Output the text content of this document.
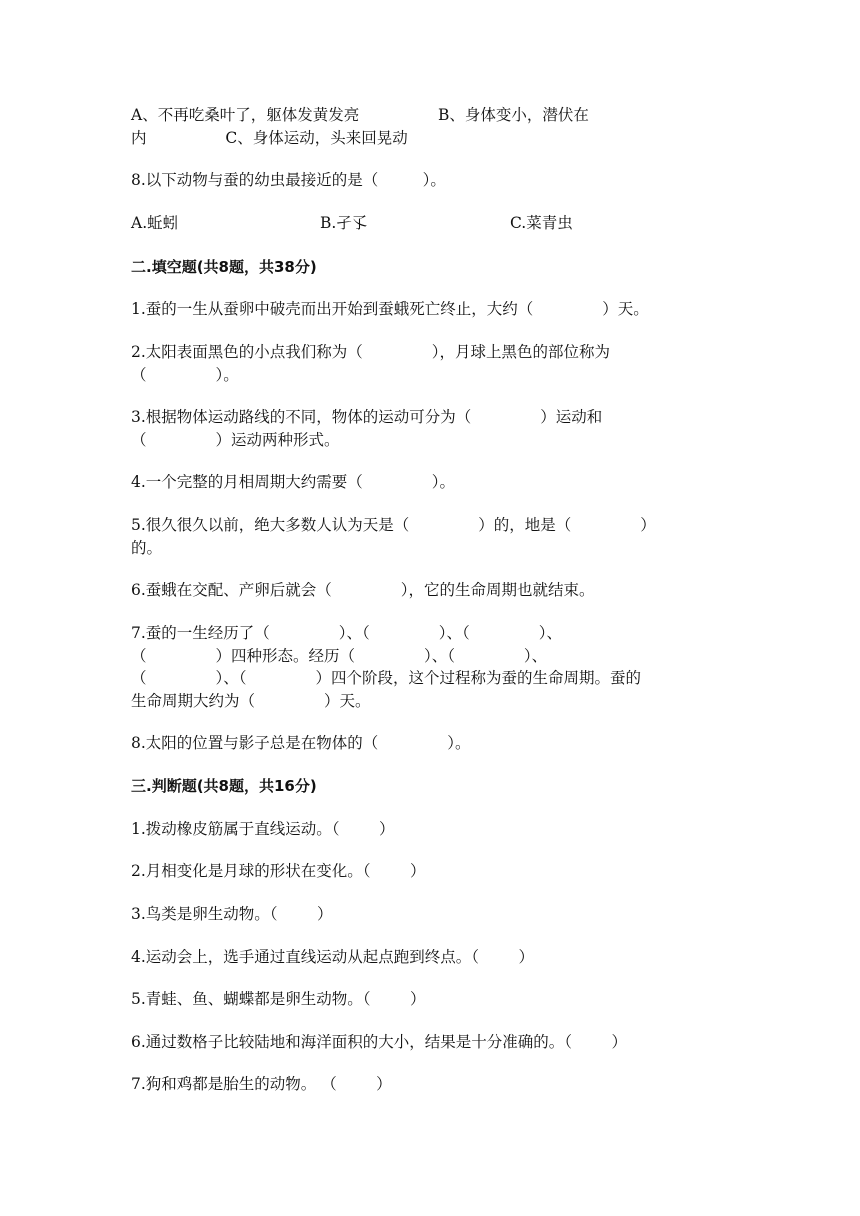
A、不再吃桑叶了，躯体发黄发亮                B、身体变小，潜伏在
内                C、身体运动，头来回晃动
8.以下动物与蚕的幼虫最接近的是（         ）。
A.蚯蚓	B.孑孓	C.菜青虫
二.填空题(共8题，共38分)
1.蚕的一生从蚕卵中破壳而出开始到蚕蛾死亡终止，大约（              ）天。
2.太阳表面黑色的小点我们称为（              ），月球上黑色的部位称为
（              ）。
3.根据物体运动路线的不同，物体的运动可分为（              ）运动和
（              ）运动两种形式。
4.一个完整的月相周期大约需要（              ）。
5.很久很久以前，绝大多数人认为天是（              ）的，地是（              ）
的。
6.蚕蛾在交配、产卵后就会（              ），它的生命周期也就结束。
7.蚕的一生经历了（              ）、（              ）、（              ）、
（              ）四种形态。经历（              ）、（              ）、
（              ）、（              ）四个阶段，这个过程称为蚕的生命周期。蚕的
生命周期大约为（              ）天。
8.太阳的位置与影子总是在物体的（              ）。
三.判断题(共8题，共16分)
1.拨动橡皮筋属于直线运动。（        ）
2.月相变化是月球的形状在变化。（        ）
3.鸟类是卵生动物。（        ）
4.运动会上，选手通过直线运动从起点跑到终点。（        ）
5.青蛙、鱼、蝴蝶都是卵生动物。（        ）
6.通过数格子比较陆地和海洋面积的大小，结果是十分准确的。（        ）
7.狗和鸡都是胎生的动物。 （        ）
